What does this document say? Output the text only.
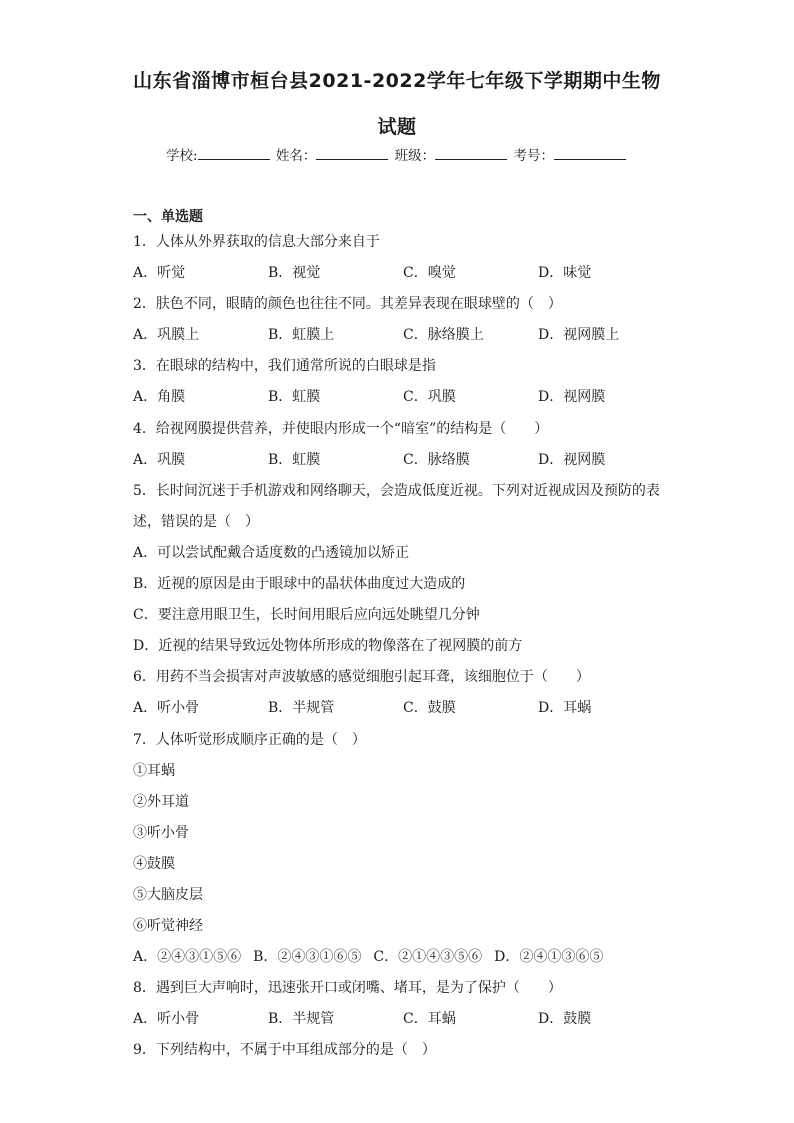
山东省淄博市桓台县2021-2022学年七年级下学期期中生物
试题
学校:	姓名：	班级：	考号：
一、单选题
1．人体从外界获取的信息大部分来自于
A．听觉	B．视觉	C．嗅觉	D．味觉
2．肤色不同，眼睛的颜色也往往不同。其差异表现在眼球壁的（　）
A．巩膜上	B．虹膜上	C．脉络膜上	D．视网膜上
3．在眼球的结构中，我们通常所说的白眼球是指
A．角膜	B．虹膜	C．巩膜	D．视网膜
4．给视网膜提供营养，并使眼内形成一个“暗室”的结构是（　　）
A．巩膜	B．虹膜	C．脉络膜	D．视网膜
5．长时间沉迷于手机游戏和网络聊天，会造成低度近视。下列对近视成因及预防的表
述，错误的是（　）
A．可以尝试配戴合适度数的凸透镜加以矫正
B．近视的原因是由于眼球中的晶状体曲度过大造成的
C．要注意用眼卫生，长时间用眼后应向远处眺望几分钟
D．近视的结果导致远处物体所形成的物像落在了视网膜的前方
6．用药不当会损害对声波敏感的感觉细胞引起耳聋，该细胞位于（　　）
A．听小骨	B．半规管	C．鼓膜	D．耳蜗
7．人体听觉形成顺序正确的是（　）
①耳蜗
②外耳道
③听小骨
④鼓膜
⑤大脑皮层
⑥听觉神经
A．②④③①⑤⑥ B．②④③①⑥⑤ C．②①④③⑤⑥ D．②④①③⑥⑤
8．遇到巨大声响时，迅速张开口或闭嘴、堵耳，是为了保护（　　）
A．听小骨	B．半规管	C．耳蜗	D．鼓膜
9．下列结构中，不属于中耳组成部分的是（　）
